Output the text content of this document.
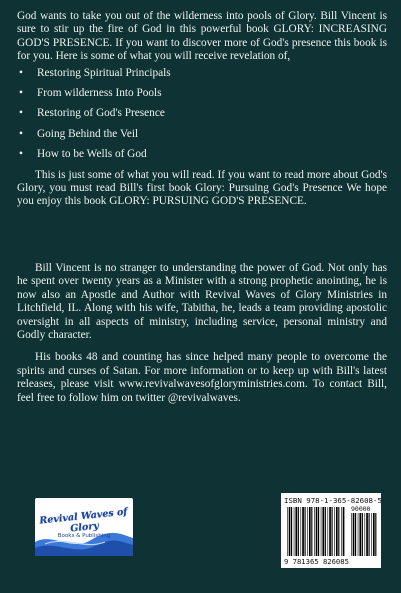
God wants to take you out of the wilderness into pools of Glory. Bill Vincent is sure to stir up the fire of God in this powerful book GLORY: INCREASING GOD'S PRESENCE. If you want to discover more of God's presence this book is for you. Here is some of what you will receive revelation of,

• Restoring Spiritual Principals
• From wilderness Into Pools
• Restoring of God's Presence
• Going Behind the Veil
• How to be Wells of God

This is just some of what you will read. If you want to read more about God's Glory, you must read Bill's first book Glory: Pursuing God's Presence We hope you enjoy this book GLORY: PURSUING GOD'S PRESENCE.

Bill Vincent is no stranger to understanding the power of God. Not only has he spent over twenty years as a Minister with a strong prophetic anointing, he is now also an Apostle and Author with Revival Waves of Glory Ministries in Litchfield, IL. Along with his wife, Tabitha, he, leads a team providing apostolic oversight in all aspects of ministry, including service, personal ministry and Godly character.

His books 48 and counting has since helped many people to overcome the spirits and curses of Satan. For more information or to keep up with Bill's latest releases, please visit www.revivalwavesofgloryministries.com. To contact Bill, feel free to follow him on twitter @revivalwaves.

Revival Waves of Glory
Books & Publishing
ISBN 978-1-365-82608-5
90000
9 781365 826085
